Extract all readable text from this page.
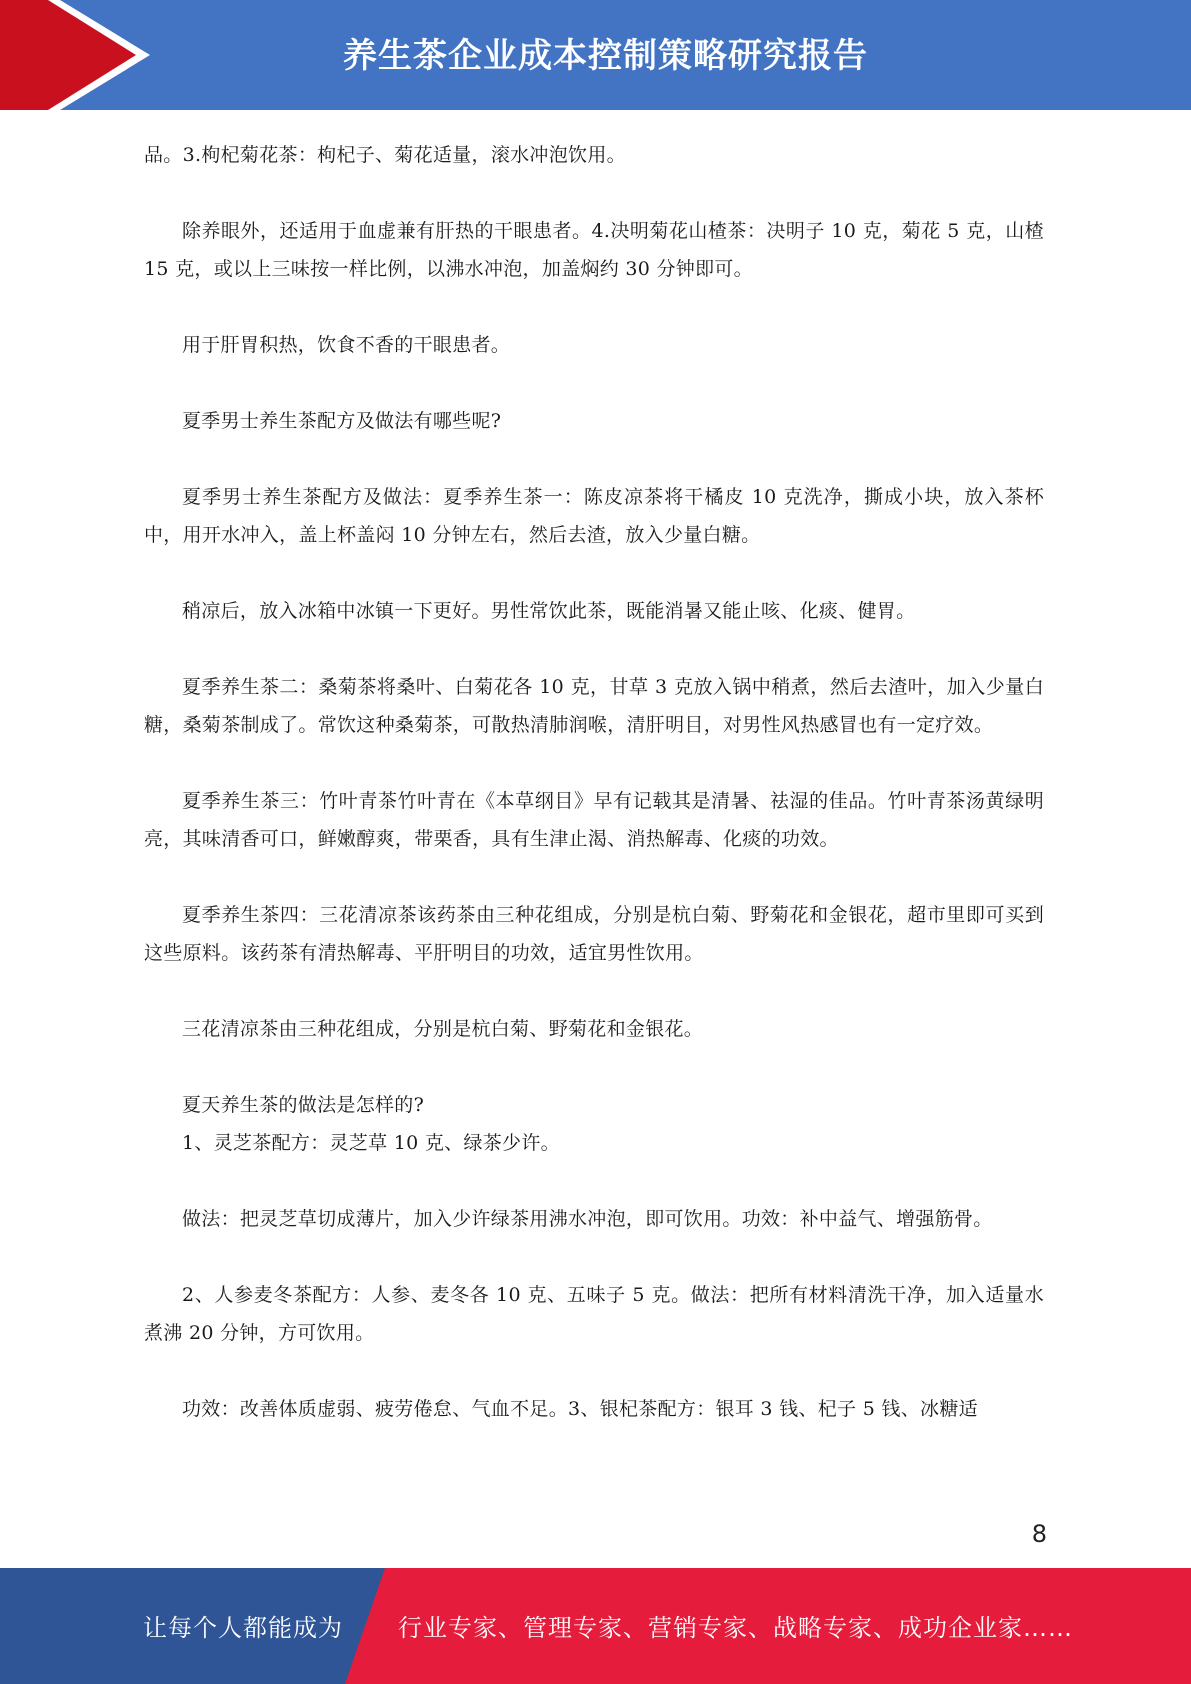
养生茶企业成本控制策略研究报告

品。3.枸杞菊花茶：枸杞子、菊花适量，滚水冲泡饮用。

除养眼外，还适用于血虚兼有肝热的干眼患者。4.决明菊花山楂茶：决明子 10 克，菊花 5 克，山楂 15 克，或以上三味按一样比例，以沸水冲泡，加盖焖约 30 分钟即可。

用于肝胃积热，饮食不香的干眼患者。

夏季男士养生茶配方及做法有哪些呢?

夏季男士养生茶配方及做法：夏季养生茶一：陈皮凉茶将干橘皮 10 克洗净，撕成小块，放入茶杯中，用开水冲入，盖上杯盖闷 10 分钟左右，然后去渣，放入少量白糖。

稍凉后，放入冰箱中冰镇一下更好。男性常饮此茶，既能消暑又能止咳、化痰、健胃。

夏季养生茶二：桑菊茶将桑叶、白菊花各 10 克，甘草 3 克放入锅中稍煮，然后去渣叶，加入少量白糖，桑菊茶制成了。常饮这种桑菊茶，可散热清肺润喉，清肝明目，对男性风热感冒也有一定疗效。

夏季养生茶三：竹叶青茶竹叶青在《本草纲目》早有记载其是清暑、祛湿的佳品。竹叶青茶汤黄绿明亮，其味清香可口，鲜嫩醇爽，带栗香，具有生津止渴、消热解毒、化痰的功效。

夏季养生茶四：三花清凉茶该药茶由三种花组成，分别是杭白菊、野菊花和金银花，超市里即可买到这些原料。该药茶有清热解毒、平肝明目的功效，适宜男性饮用。

三花清凉茶由三种花组成，分别是杭白菊、野菊花和金银花。

夏天养生茶的做法是怎样的?

1、灵芝茶配方：灵芝草 10 克、绿茶少许。

做法：把灵芝草切成薄片，加入少许绿茶用沸水冲泡，即可饮用。功效：补中益气、增强筋骨。

2、人参麦冬茶配方：人参、麦冬各 10 克、五味子 5 克。做法：把所有材料清洗干净，加入适量水煮沸 20 分钟，方可饮用。

功效：改善体质虚弱、疲劳倦怠、气血不足。3、银杞茶配方：银耳 3 钱、杞子 5 钱、冰糖适

8
让每个人都能成为 行业专家、管理专家、营销专家、战略专家、成功企业家……
